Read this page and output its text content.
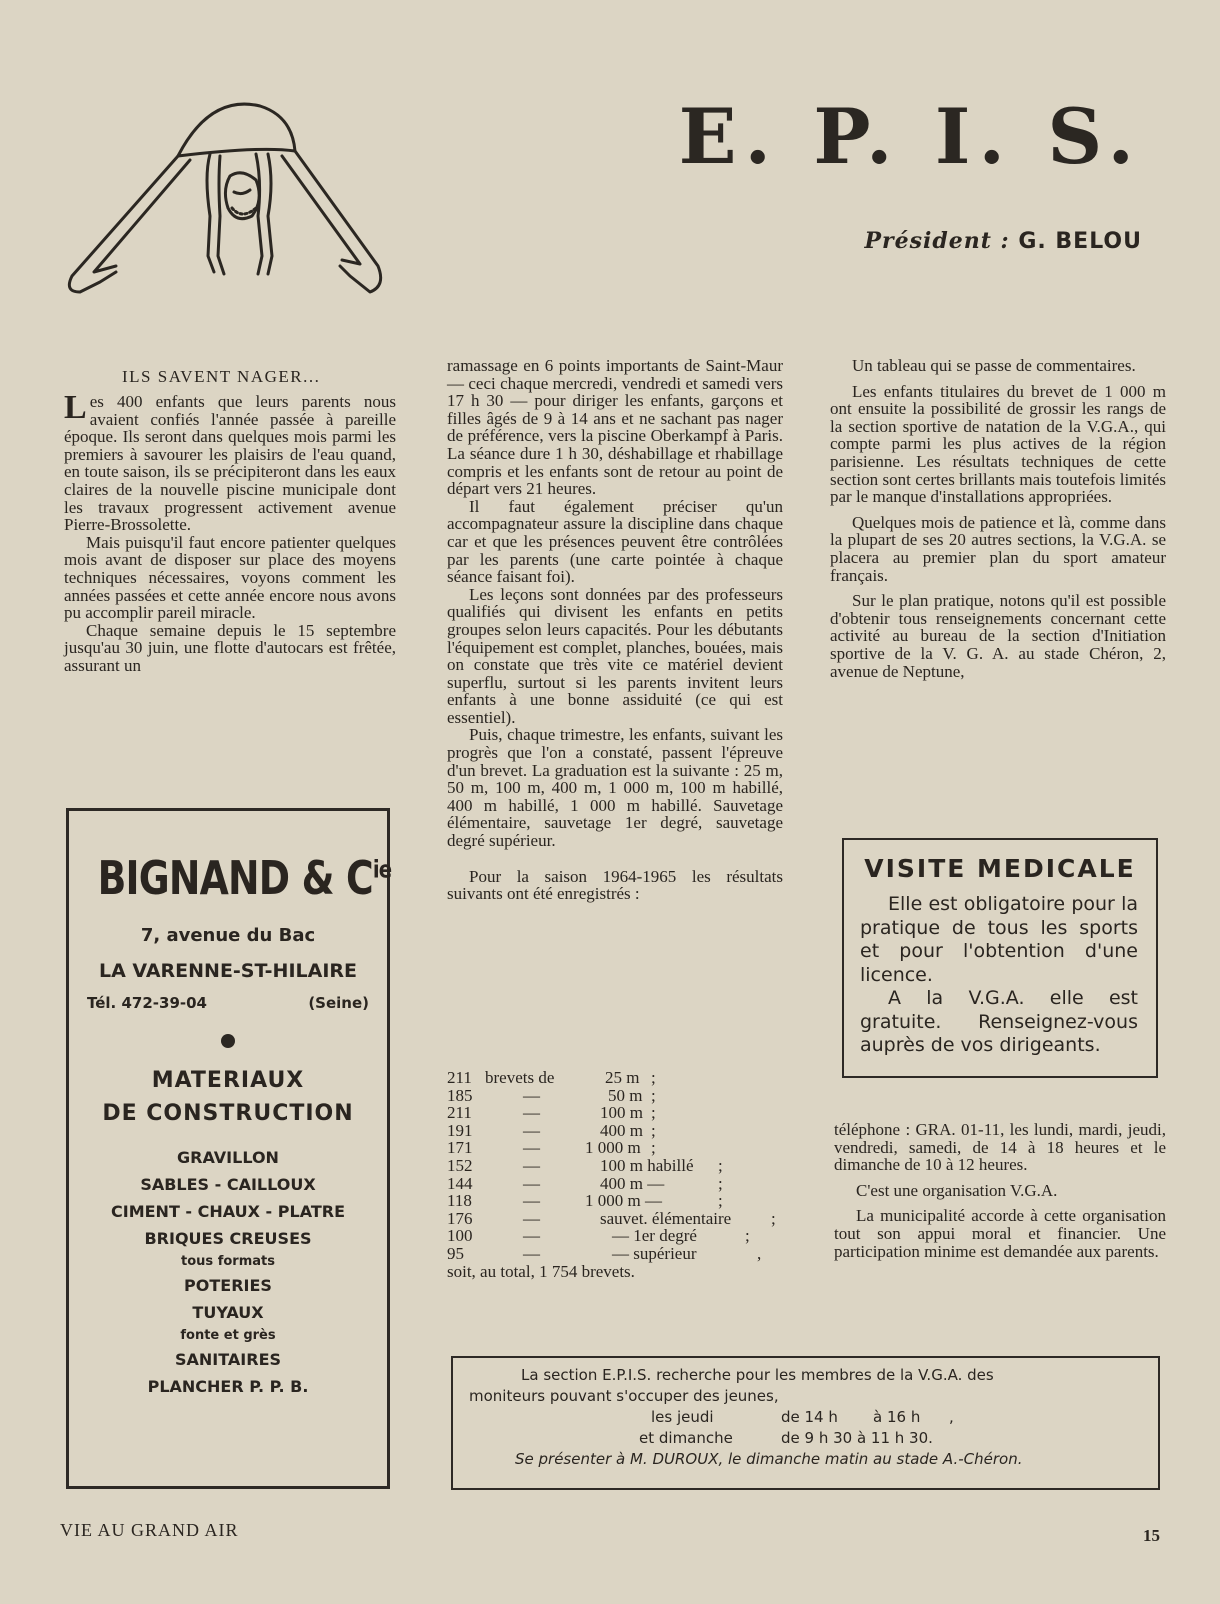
E. P. I. S.
Président : G. BELOU
ILS SAVENT NAGER...

Les 400 enfants que leurs parents nous avaient confiés l'année passée à pareille époque. Ils seront dans quelques mois parmi les premiers à savourer les plaisirs de l'eau quand, en toute saison, ils se précipiteront dans les eaux claires de la nouvelle piscine municipale dont les travaux progressent activement avenue Pierre-Brossolette.

Mais puisqu'il faut encore patienter quelques mois avant de disposer sur place des moyens techniques nécessaires, voyons comment les années passées et cette année encore nous avons pu accomplir pareil miracle.

Chaque semaine depuis le 15 septembre jusqu'au 30 juin, une flotte d'autocars est frêtée, assurant un

BIGNAND & $C^{ie}$
7, avenue du Bac
LA VARENNE-ST-HILAIRE
Tél. 472-39-04	(Seine)
MATERIAUX
DE CONSTRUCTION
GRAVILLON
SABLES - CAILLOUX
CIMENT - CHAUX - PLATRE
BRIQUES CREUSES
tous formats
POTERIES
TUYAUX
fonte et grès
SANITAIRES
PLANCHER P. P. B.

ramassage en 6 points importants de Saint-Maur — ceci chaque mercredi, vendredi et samedi vers 17 h 30 — pour diriger les enfants, garçons et filles âgés de 9 à 14 ans et ne sachant pas nager de préférence, vers la piscine Oberkampf à Paris. La séance dure 1 h 30, déshabillage et rhabillage compris et les enfants sont de retour au point de départ vers 21 heures.

Il faut également préciser qu'un accompagnateur assure la discipline dans chaque car et que les présences peuvent être contrôlées par les parents (une carte pointée à chaque séance faisant foi).

Les leçons sont données par des professeurs qualifiés qui divisent les enfants en petits groupes selon leurs capacités. Pour les débutants l'équipement est complet, planches, bouées, mais on constate que très vite ce matériel devient superflu, surtout si les parents invitent leurs enfants à une bonne assiduité (ce qui est essentiel).

Puis, chaque trimestre, les enfants, suivant les progrès que l'on a constaté, passent l'épreuve d'un brevet. La graduation est la suivante : 25 m, 50 m, 100 m, 400 m, 1 000 m, 100 m habillé, 400 m habillé, 1 000 m habillé. Sauvetage élémentaire, sauvetage 1er degré, sauvetage degré supérieur.

Pour la saison 1964-1965 les résultats suivants ont été enregistrés :

211 brevets de	25 m ;
185	—	50 m ;
211	—	100 m ;
191	—	400 m ;
171	—	1 000 m ;
152	—	100 m habillé ;
144	—	400 m —	;
118	—	1 000 m —	;
176	—	sauvet. élémentaire ;
100	—	— 1er degré	;
95	—	— supérieur	,
soit, au total, 1 754 brevets.

Un tableau qui se passe de commentaires.

Les enfants titulaires du brevet de 1 000 m ont ensuite la possibilité de grossir les rangs de la section sportive de natation de la V.G.A., qui compte parmi les plus actives de la région parisienne. Les résultats techniques de cette section sont certes brillants mais toutefois limités par le manque d'installations appropriées.

Quelques mois de patience et là, comme dans la plupart de ses 20 autres sections, la V.G.A. se placera au premier plan du sport amateur français.

Sur le plan pratique, notons qu'il est possible d'obtenir tous renseignements concernant cette activité au bureau de la section d'Initiation sportive de la V. G. A. au stade Chéron, 2, avenue de Neptune,

VISITE MEDICALE

Elle est obligatoire pour la pratique de tous les sports et pour l'obtention d'une licence.

A la V.G.A. elle est gratuite. Renseignez-vous auprès de vos dirigeants.

téléphone : GRA. 01-11, les lundi, mardi, jeudi, vendredi, samedi, de 14 à 18 heures et le dimanche de 10 à 12 heures.

C'est une organisation V.G.A.

La municipalité accorde à cette organisation tout son appui moral et financier. Une participation minime est demandée aux parents.

La section E.P.I.S. recherche pour les membres de la V.G.A. des
moniteurs pouvant s'occuper des jeunes,
les jeudi	de 14 h à 16 h ,
et dimanche	de 9 h 30 à 11 h 30.
Se présenter à M. DUROUX, le dimanche matin au stade A.-Chéron.
VIE AU GRAND AIR	15
